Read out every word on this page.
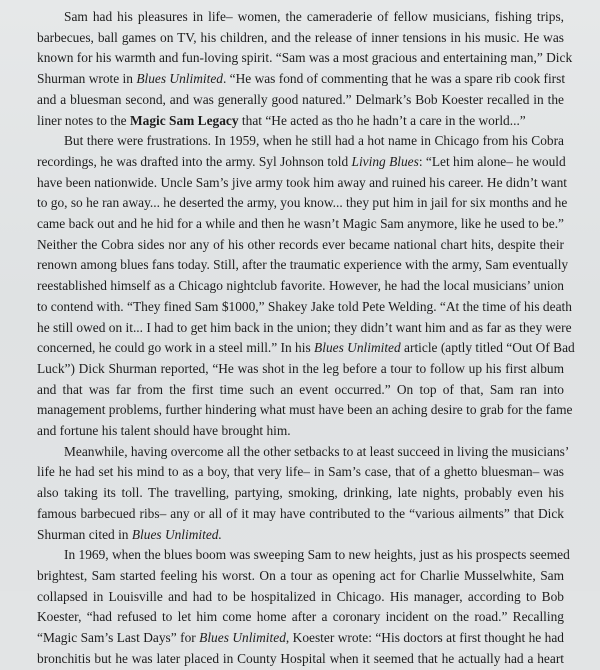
Sam had his pleasures in life– women, the cameraderie of fellow musicians, fishing trips,
barbecues, ball games on TV, his children, and the release of inner tensions in his music. He was
known for his warmth and fun-loving spirit. “Sam was a most gracious and entertaining man,” Dick
Shurman wrote in Blues Unlimited. “He was fond of commenting that he was a spare rib cook first
and a bluesman second, and was generally good natured.” Delmark’s Bob Koester recalled in the
liner notes to the Magic Sam Legacy that “He acted as tho he hadn’t a care in the world...”
But there were frustrations. In 1959, when he still had a hot name in Chicago from his Cobra
recordings, he was drafted into the army. Syl Johnson told Living Blues: “Let him alone– he would
have been nationwide. Uncle Sam’s jive army took him away and ruined his career. He didn’t want
to go, so he ran away... he deserted the army, you know... they put him in jail for six months and he
came back out and he hid for a while and then he wasn’t Magic Sam anymore, like he used to be.”
Neither the Cobra sides nor any of his other records ever became national chart hits, despite their
renown among blues fans today. Still, after the traumatic experience with the army, Sam eventually
reestablished himself as a Chicago nightclub favorite. However, he had the local musicians’ union
to contend with. “They fined Sam $1000,” Shakey Jake told Pete Welding. “At the time of his death
he still owed on it... I had to get him back in the union; they didn’t want him and as far as they were
concerned, he could go work in a steel mill.” In his Blues Unlimited article (aptly titled “Out Of Bad
Luck”) Dick Shurman reported, “He was shot in the leg before a tour to follow up his first album
and that was far from the first time such an event occurred.” On top of that, Sam ran into
management problems, further hindering what must have been an aching desire to grab for the fame
and fortune his talent should have brought him.
Meanwhile, having overcome all the other setbacks to at least succeed in living the musicians’
life he had set his mind to as a boy, that very life– in Sam’s case, that of a ghetto bluesman– was
also taking its toll. The travelling, partying, smoking, drinking, late nights, probably even his
famous barbecued ribs– any or all of it may have contributed to the “various ailments” that Dick
Shurman cited in Blues Unlimited.
In 1969, when the blues boom was sweeping Sam to new heights, just as his prospects seemed
brightest, Sam started feeling his worst. On a tour as opening act for Charlie Musselwhite, Sam
collapsed in Louisville and had to be hospitalized in Chicago. His manager, according to Bob
Koester, “had refused to let him come home after a coronary incident on the road.” Recalling
“Magic Sam’s Last Days” for Blues Unlimited, Koester wrote: “His doctors at first thought he had
bronchitis but he was later placed in County Hospital when it seemed that he actually had a heart
